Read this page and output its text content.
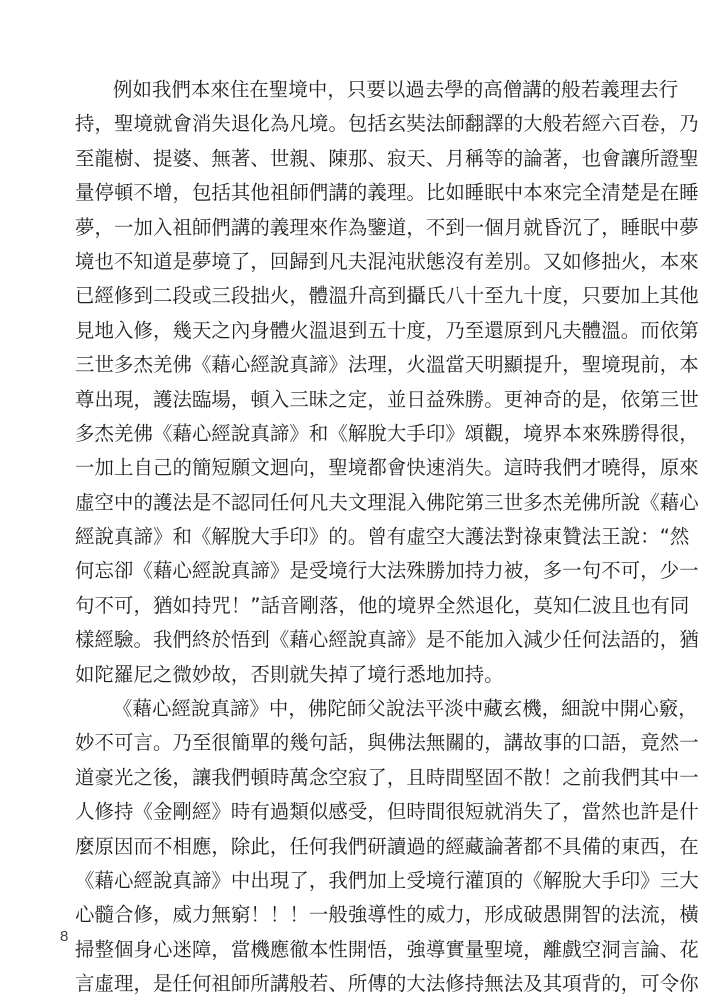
例如我們本來住在聖境中，只要以過去學的高僧講的般若義理去行
持，聖境就會消失退化為凡境。包括玄奘法師翻譯的大般若經六百卷，乃
至龍樹、提婆、無著、世親、陳那、寂天、月稱等的論著，也會讓所證聖
量停頓不增，包括其他祖師們講的義理。比如睡眠中本來完全清楚是在睡
夢，一加入祖師們講的義理來作為鑒道，不到一個月就昏沉了，睡眠中夢
境也不知道是夢境了，回歸到凡夫混沌狀態沒有差別。又如修拙火，本來
已經修到二段或三段拙火，體溫升高到攝氏八十至九十度，只要加上其他
見地入修，幾天之內身體火溫退到五十度，乃至還原到凡夫體溫。而依第
三世多杰羌佛《藉心經說真諦》法理，火溫當天明顯提升，聖境現前，本
尊出現，護法臨場，頓入三昧之定，並日益殊勝。更神奇的是，依第三世
多杰羌佛《藉心經說真諦》和《解脫大手印》頌觀，境界本來殊勝得很，
一加上自己的簡短願文迴向，聖境都會快速消失。這時我們才曉得，原來
虛空中的護法是不認同任何凡夫文理混入佛陀第三世多杰羌佛所說《藉心
經說真諦》和《解脫大手印》的。曾有虛空大護法對祿東贊法王說：“然
何忘卻《藉心經說真諦》是受境行大法殊勝加持力被，多一句不可，少一
句不可，猶如持咒！”話音剛落，他的境界全然退化，莫知仁波且也有同
樣經驗。我們終於悟到《藉心經說真諦》是不能加入減少任何法語的，猶
如陀羅尼之微妙故，否則就失掉了境行悉地加持。
《藉心經說真諦》中，佛陀師父說法平淡中藏玄機，細說中開心竅，
妙不可言。乃至很簡單的幾句話，與佛法無關的，講故事的口語，竟然一
道豪光之後，讓我們頓時萬念空寂了，且時間堅固不散！之前我們其中一
人修持《金剛經》時有過類似感受，但時間很短就消失了，當然也許是什
麼原因而不相應，除此，任何我們研讀過的經藏論著都不具備的東西，在
《藉心經說真諦》中出現了，我們加上受境行灌頂的《解脫大手印》三大
心髓合修，威力無窮！！！一般強導性的威力，形成破愚開智的法流，橫
掃整個身心迷障，當機應徹本性開悟，強導實量聖境，離戲空洞言論、花
言虛理，是任何祖師所講般若、所傳的大法修持無法及其項背的，可令你
8
